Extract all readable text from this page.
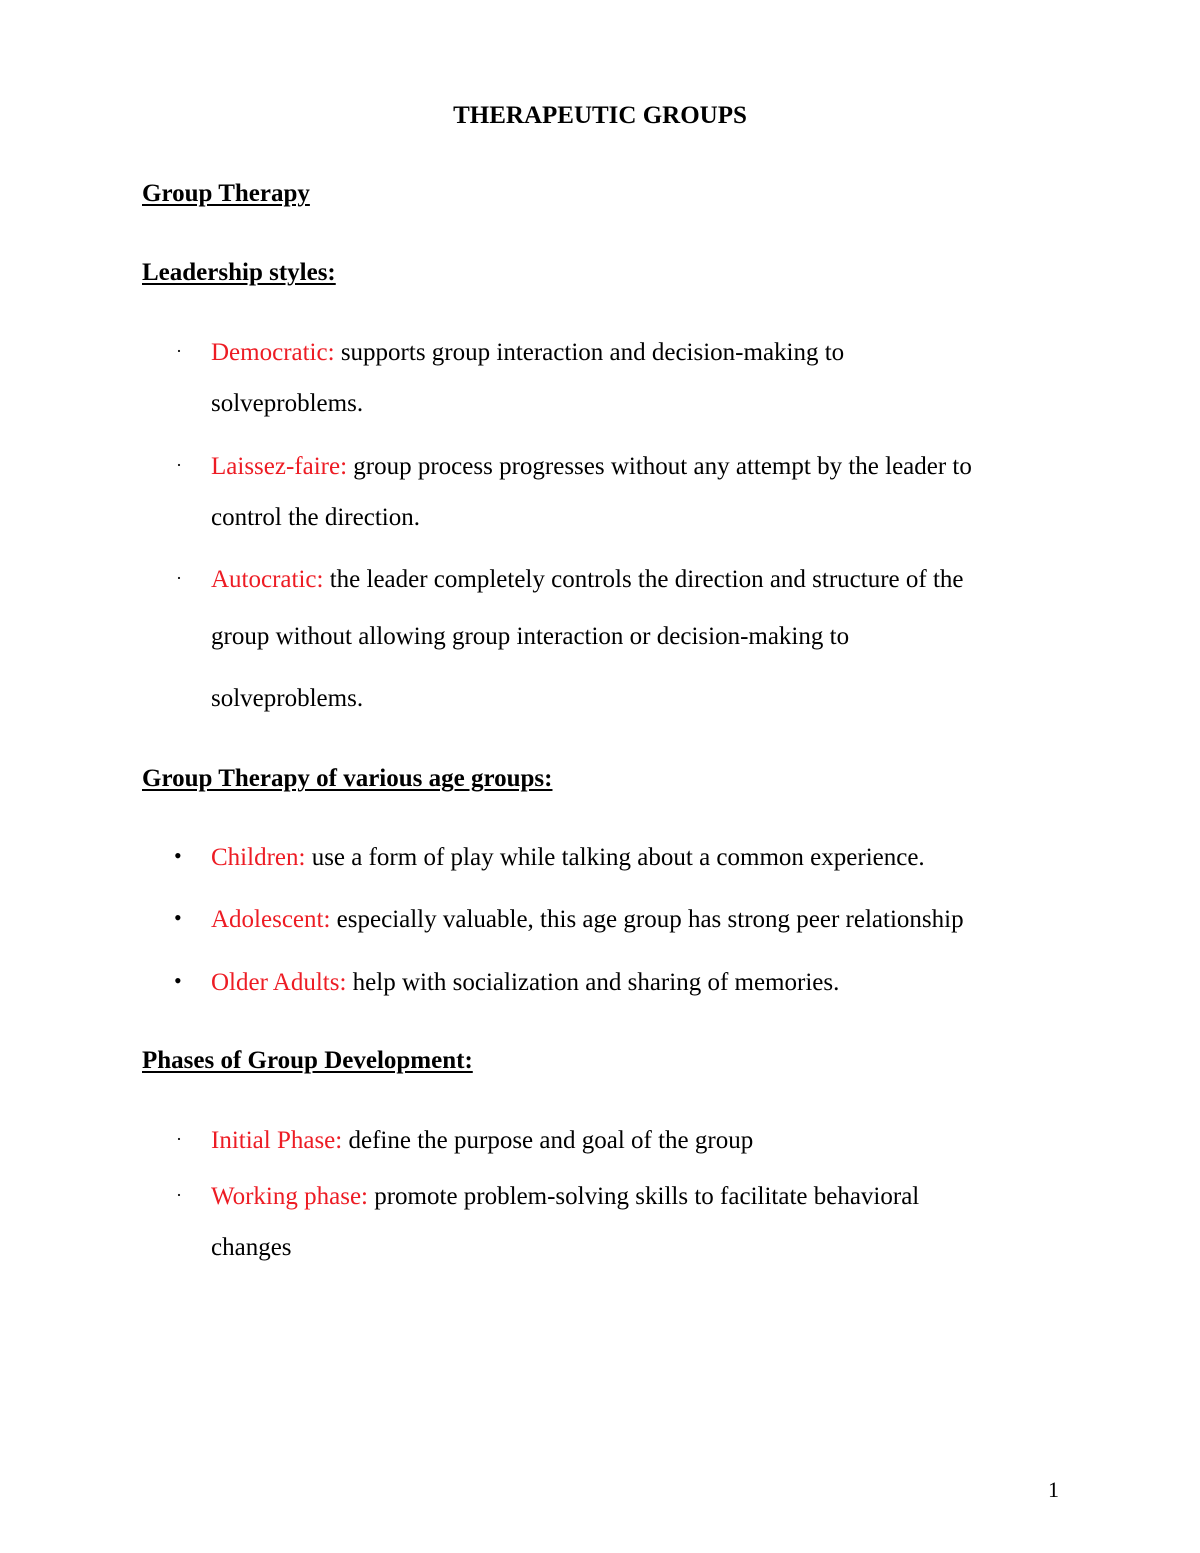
THERAPEUTIC GROUPS
Group Therapy
Leadership styles:
· Democratic: supports group interaction and decision-making to
solveproblems.
· Laissez-faire: group process progresses without any attempt by the leader to
control the direction.
· Autocratic: the leader completely controls the direction and structure of the
group without allowing group interaction or decision-making to
solveproblems.
Group Therapy of various age groups:
• Children: use a form of play while talking about a common experience.
• Adolescent: especially valuable, this age group has strong peer relationship
• Older Adults: help with socialization and sharing of memories.
Phases of Group Development:
· Initial Phase: define the purpose and goal of the group
· Working phase: promote problem-solving skills to facilitate behavioral
changes
1
